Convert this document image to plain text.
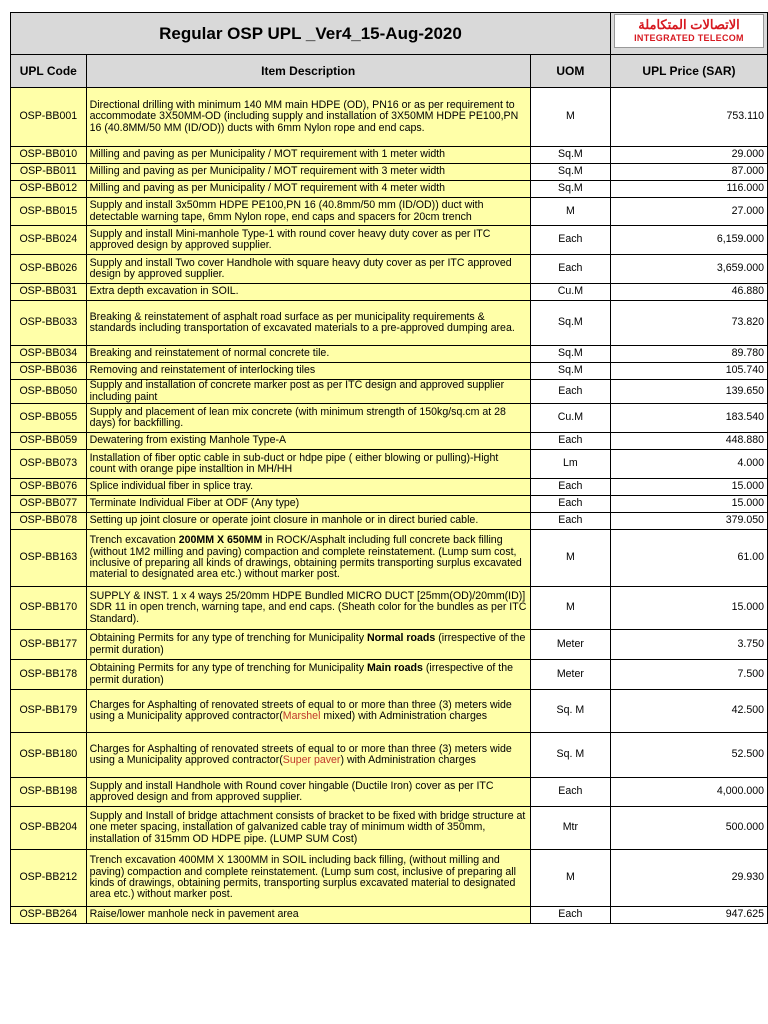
Regular OSP UPL _Ver4_15-Aug-2020			الاتصالات المتكاملة
INTEGRATED TELECOM

UPL Code	Item Description	UOM	UPL Price (SAR)
OSP-BB001	Directional drilling with minimum 140 MM main HDPE (OD), PN16 or as per requirement to accommodate 3X50MM-OD (including supply and installation of 3X50MM HDPE PE100,PN 16 (40.8MM/50 MM (ID/OD)) ducts with 6mm Nylon rope and end caps.	M	753.110
OSP-BB010	Milling and paving as per Municipality / MOT requirement with 1 meter width	Sq.M	29.000
OSP-BB011	Milling and paving as per Municipality / MOT requirement with 3 meter width	Sq.M	87.000
OSP-BB012	Milling and paving as per Municipality / MOT requirement with 4 meter width	Sq.M	116.000
OSP-BB015	Supply and install 3x50mm HDPE PE100,PN 16 (40.8mm/50 mm (ID/OD)) duct with detectable warning tape, 6mm Nylon rope, end caps and spacers for 20cm trench	M	27.000
OSP-BB024	Supply and install Mini-manhole Type-1 with round cover heavy duty cover as per ITC approved design by approved supplier.	Each	6,159.000
OSP-BB026	Supply and install Two cover Handhole with square heavy duty cover as per ITC approved design by approved supplier.	Each	3,659.000
OSP-BB031	Extra depth excavation in SOIL.	Cu.M	46.880
OSP-BB033	Breaking & reinstatement of asphalt road surface as per municipality requirements & standards including transportation of excavated materials to a pre-approved dumping area.	Sq.M	73.820
OSP-BB034	Breaking and reinstatement of normal concrete tile.	Sq.M	89.780
OSP-BB036	Removing and reinstatement of interlocking tiles	Sq.M	105.740
OSP-BB050	Supply and installation of concrete marker post as per ITC design and approved supplier including paint	Each	139.650
OSP-BB055	Supply and placement of lean mix concrete (with minimum strength of 150kg/sq.cm at 28 days) for backfilling.	Cu.M	183.540
OSP-BB059	Dewatering from existing Manhole Type-A	Each	448.880
OSP-BB073	Installation of fiber optic cable in sub-duct or hdpe pipe ( either blowing or pulling)-Hight count with orange pipe installtion in MH/HH	Lm	4.000
OSP-BB076	Splice individual fiber in splice tray.	Each	15.000
OSP-BB077	Terminate Individual Fiber at ODF (Any type)	Each	15.000
OSP-BB078	Setting up joint closure or operate joint closure in manhole or in direct buried cable.	Each	379.050
OSP-BB163	Trench excavation 200MM X 650MM in ROCK/Asphalt including full concrete back filling (without 1M2 milling and paving) compaction and complete reinstatement. (Lump sum cost, inclusive of preparing all kinds of drawings, obtaining permits transporting surplus excavated material to designated area etc.) without marker post.	M	61.00
OSP-BB170	SUPPLY & INST. 1 x 4 ways 25/20mm HDPE Bundled MICRO DUCT [25mm(OD)/20mm(ID)] SDR 11 in open trench, warning tape, and end caps. (Sheath color for the bundles as per ITC Standard).	M	15.000
OSP-BB177	Obtaining Permits for any type of trenching for Municipality Normal roads (irrespective of the permit duration)	Meter	3.750
OSP-BB178	Obtaining Permits for any type of trenching for Municipality Main roads (irrespective of the permit duration)	Meter	7.500
OSP-BB179	Charges for Asphalting of renovated streets of equal to or more than three (3) meters wide using a Municipality approved contractor(Marshel mixed) with Administration charges	Sq. M	42.500
OSP-BB180	Charges for Asphalting of renovated streets of equal to or more than three (3) meters wide using a Municipality approved contractor(Super paver) with Administration charges	Sq. M	52.500
OSP-BB198	Supply and install Handhole with Round cover hingable (Ductile Iron) cover as per ITC approved design and from approved supplier.	Each	4,000.000
OSP-BB204	Supply and Install of bridge attachment consists of bracket to be fixed with bridge structure at one meter spacing, installation of galvanized cable tray of minimum width of 350mm, installation of 315mm OD HDPE pipe. (LUMP SUM Cost)	Mtr	500.000
OSP-BB212	Trench excavation 400MM X 1300MM in SOIL including back filling, (without milling and paving) compaction and complete reinstatement. (Lump sum cost, inclusive of preparing all kinds of drawings, obtaining permits, transporting surplus excavated material to designated area etc.) without marker post.	M	29.930
OSP-BB264	Raise/lower manhole neck in pavement area	Each	947.625
